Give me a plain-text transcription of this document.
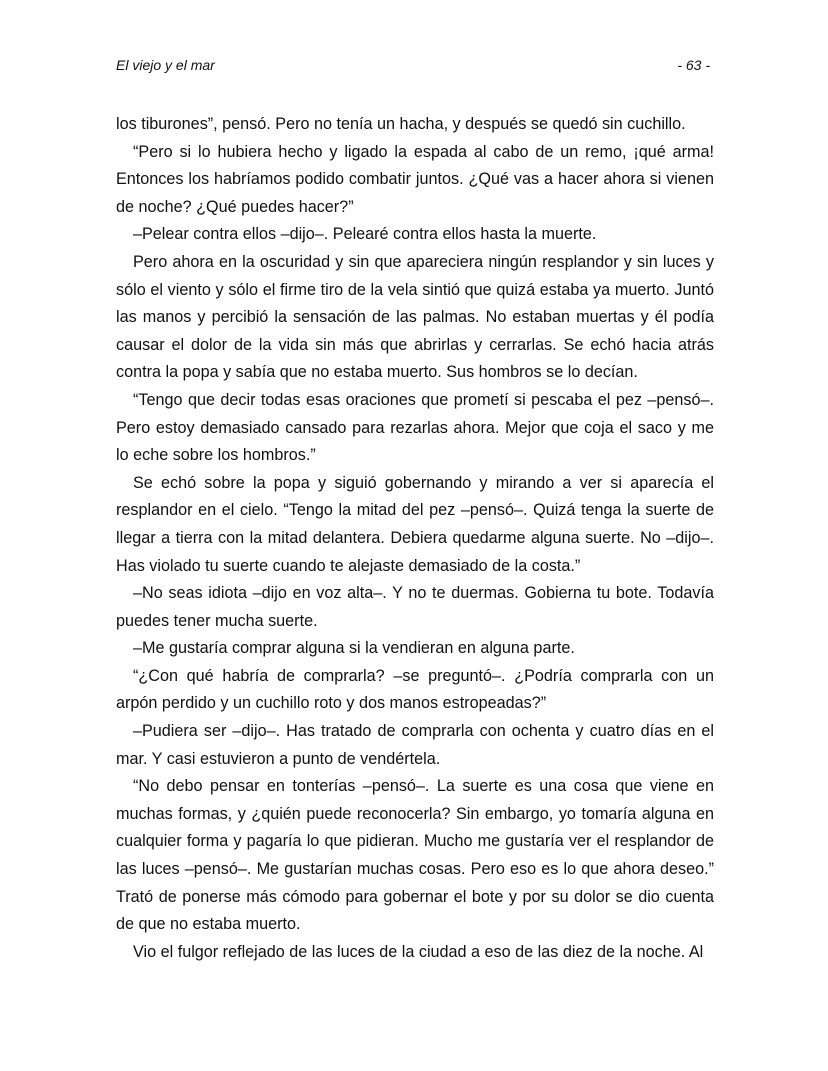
El viejo y el mar	- 63 -

los tiburones”, pensó. Pero no tenía un hacha, y después se quedó sin cuchillo.

“Pero si lo hubiera hecho y ligado la espada al cabo de un remo, ¡qué arma! Entonces los habríamos podido combatir juntos. ¿Qué vas a hacer ahora si vienen de noche? ¿Qué puedes hacer?”

–Pelear contra ellos –dijo–. Pelearé contra ellos hasta la muerte.

Pero ahora en la oscuridad y sin que apareciera ningún resplandor y sin luces y sólo el viento y sólo el firme tiro de la vela sintió que quizá estaba ya muerto. Juntó las manos y percibió la sensación de las palmas. No estaban muertas y él podía causar el dolor de la vida sin más que abrirlas y cerrarlas. Se echó hacia atrás contra la popa y sabía que no estaba muerto. Sus hombros se lo decían.

“Tengo que decir todas esas oraciones que prometí si pescaba el pez –pensó–. Pero estoy demasiado cansado para rezarlas ahora. Mejor que coja el saco y me lo eche sobre los hombros.”

Se echó sobre la popa y siguió gobernando y mirando a ver si aparecía el resplandor en el cielo. “Tengo la mitad del pez –pensó–. Quizá tenga la suerte de llegar a tierra con la mitad delantera. Debiera quedarme alguna suerte. No –dijo–. Has violado tu suerte cuando te alejaste demasiado de la costa.”

–No seas idiota –dijo en voz alta–. Y no te duermas. Gobierna tu bote. Todavía puedes tener mucha suerte.

–Me gustaría comprar alguna si la vendieran en alguna parte.

“¿Con qué habría de comprarla? –se preguntó–. ¿Podría comprarla con un arpón perdido y un cuchillo roto y dos manos estropeadas?”

–Pudiera ser –dijo–. Has tratado de comprarla con ochenta y cuatro días en el mar. Y casi estuvieron a punto de vendértela.

“No debo pensar en tonterías –pensó–. La suerte es una cosa que viene en muchas formas, y ¿quién puede reconocerla? Sin embargo, yo tomaría alguna en cualquier forma y pagaría lo que pidieran. Mucho me gustaría ver el resplandor de las luces –pensó–. Me gustarían muchas cosas. Pero eso es lo que ahora deseo.” Trató de ponerse más cómodo para gobernar el bote y por su dolor se dio cuenta de que no estaba muerto.

Vio el fulgor reflejado de las luces de la ciudad a eso de las diez de la noche. Al
